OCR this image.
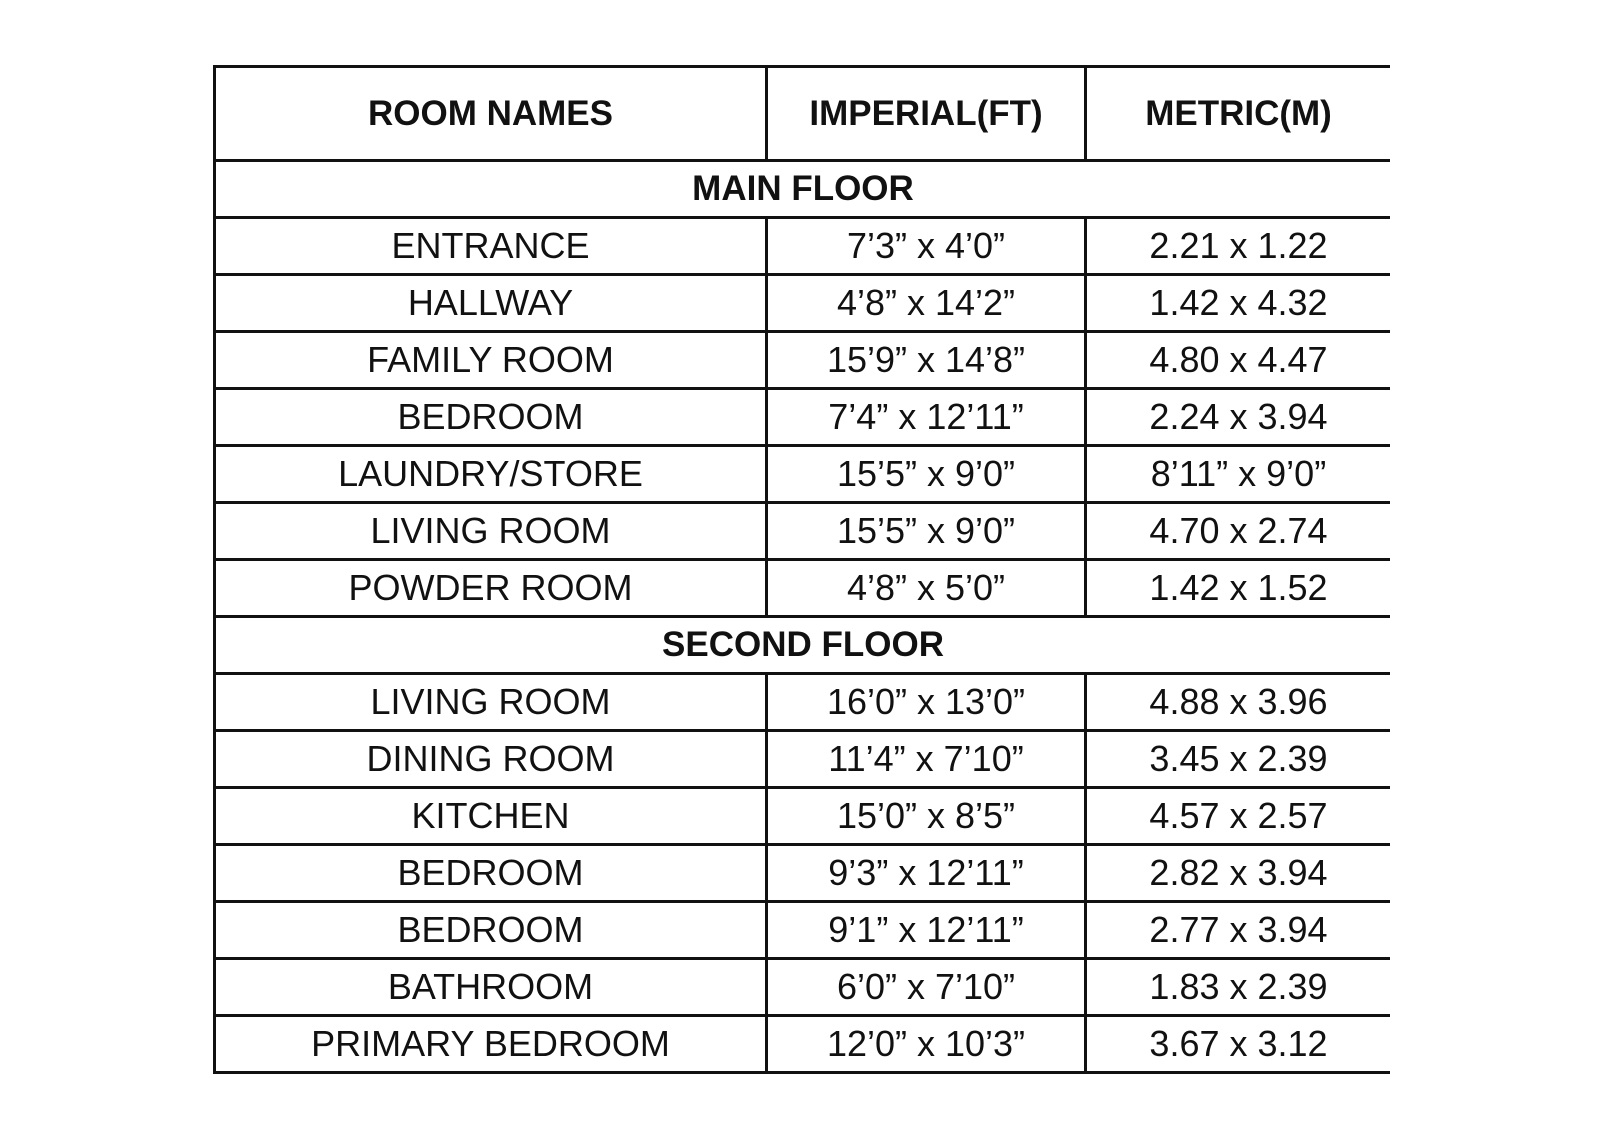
ROOM NAMES	IMPERIAL(FT)	METRIC(M)
MAIN FLOOR		
ENTRANCE	7’3” x 4’0”	2.21 x 1.22
HALLWAY	4’8” x 14’2”	1.42 x 4.32
FAMILY ROOM	15’9” x 14’8”	4.80 x 4.47
BEDROOM	7’4” x 12’11”	2.24 x 3.94
LAUNDRY/STORE	15’5” x 9’0”	8’11” x 9’0”
LIVING ROOM	15’5” x 9’0”	4.70 x 2.74
POWDER ROOM	4’8” x 5’0”	1.42 x 1.52
SECOND FLOOR		
LIVING ROOM	16’0” x 13’0”	4.88 x 3.96
DINING ROOM	11’4” x 7’10”	3.45 x 2.39
KITCHEN	15’0” x 8’5”	4.57 x 2.57
BEDROOM	9’3” x 12’11”	2.82 x 3.94
BEDROOM	9’1” x 12’11”	2.77 x 3.94
BATHROOM	6’0” x 7’10”	1.83 x 2.39
PRIMARY BEDROOM	12’0” x 10’3”	3.67 x 3.12
